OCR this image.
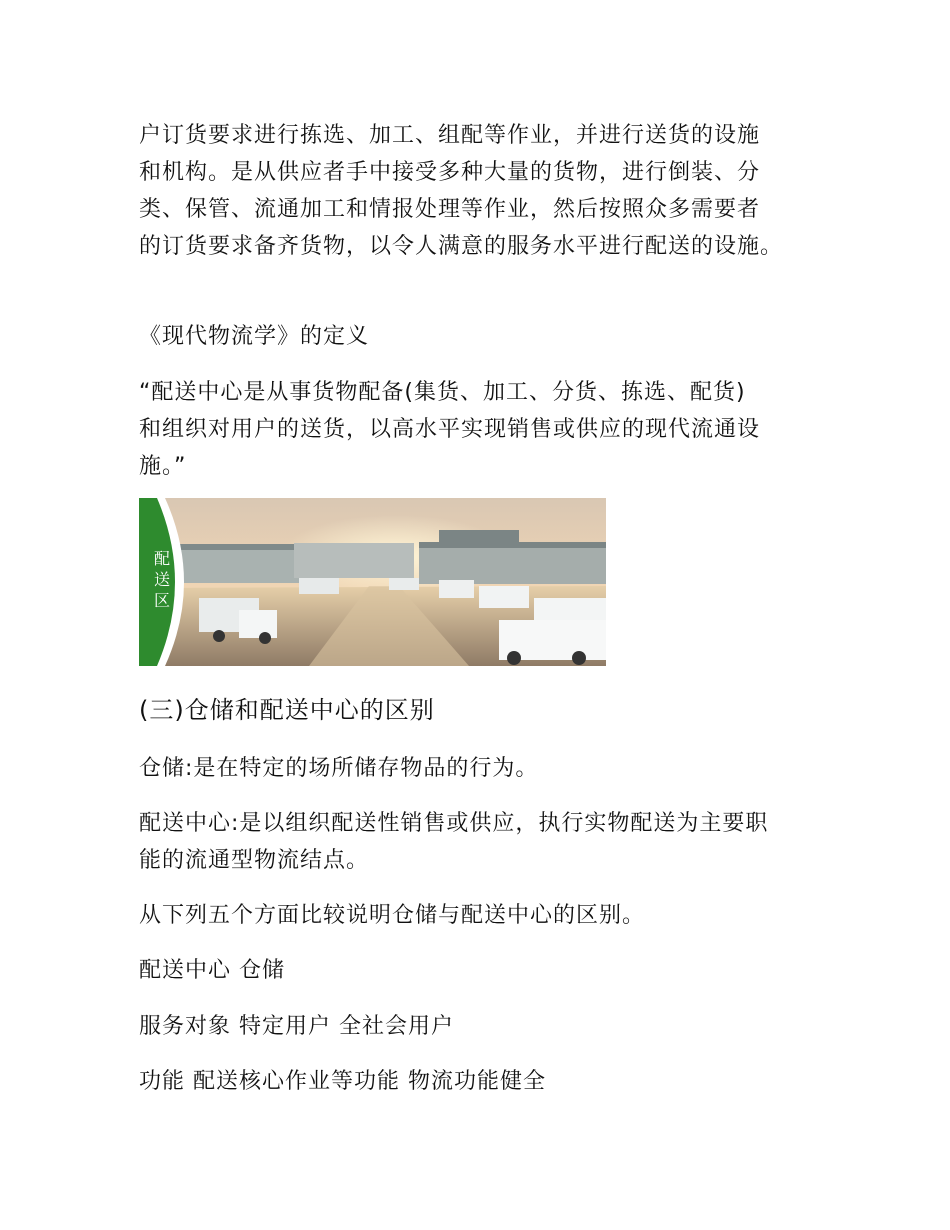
户订货要求进行拣选、加工、组配等作业，并进行送货的设施
和机构。是从供应者手中接受多种大量的货物，进行倒装、分
类、保管、流通加工和情报处理等作业，然后按照众多需要者
的订货要求备齐货物，以令人满意的服务水平进行配送的设施。
《现代物流学》的定义
“配送中心是从事货物配备(集货、加工、分货、拣选、配货)
和组织对用户的送货，以高水平实现销售或供应的现代流通设
施。”
配送区
(三)仓储和配送中心的区别
仓储:是在特定的场所储存物品的行为。
配送中心:是以组织配送性销售或供应，执行实物配送为主要职
能的流通型物流结点。
从下列五个方面比较说明仓储与配送中心的区别。
配送中心 仓储
服务对象 特定用户 全社会用户
功能 配送核心作业等功能 物流功能健全
